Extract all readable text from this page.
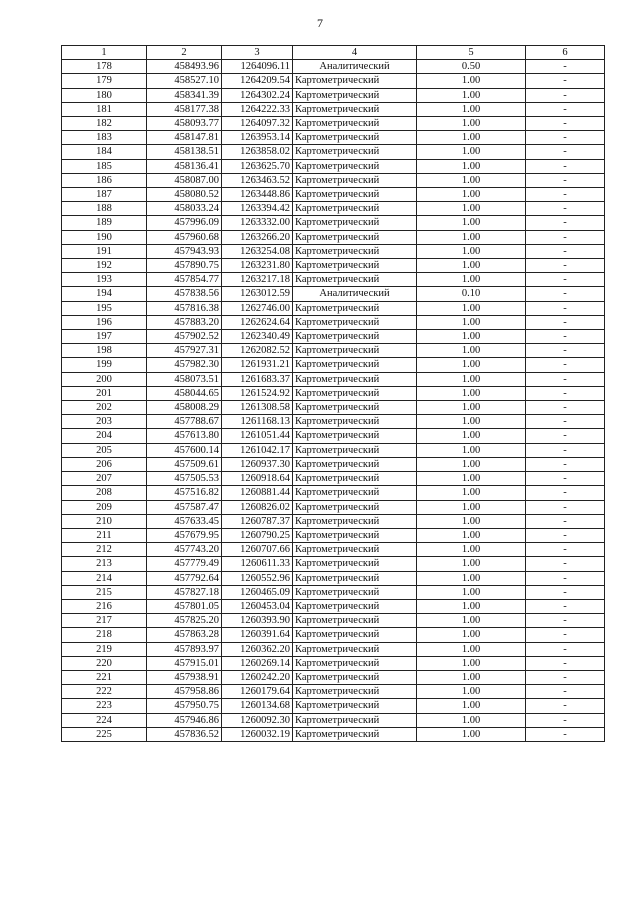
7
1	2	3	4	5	6
178	458493.96	1264096.11	Аналитический	0.50	-
179	458527.10	1264209.54	Картометрический	1.00	-
180	458341.39	1264302.24	Картометрический	1.00	-
181	458177.38	1264222.33	Картометрический	1.00	-
182	458093.77	1264097.32	Картометрический	1.00	-
183	458147.81	1263953.14	Картометрический	1.00	-
184	458138.51	1263858.02	Картометрический	1.00	-
185	458136.41	1263625.70	Картометрический	1.00	-
186	458087.00	1263463.52	Картометрический	1.00	-
187	458080.52	1263448.86	Картометрический	1.00	-
188	458033.24	1263394.42	Картометрический	1.00	-
189	457996.09	1263332.00	Картометрический	1.00	-
190	457960.68	1263266.20	Картометрический	1.00	-
191	457943.93	1263254.08	Картометрический	1.00	-
192	457890.75	1263231.80	Картометрический	1.00	-
193	457854.77	1263217.18	Картометрический	1.00	-
194	457838.56	1263012.59	Аналитический	0.10	-
195	457816.38	1262746.00	Картометрический	1.00	-
196	457883.20	1262624.64	Картометрический	1.00	-
197	457902.52	1262340.49	Картометрический	1.00	-
198	457927.31	1262082.52	Картометрический	1.00	-
199	457982.30	1261931.21	Картометрический	1.00	-
200	458073.51	1261683.37	Картометрический	1.00	-
201	458044.65	1261524.92	Картометрический	1.00	-
202	458008.29	1261308.58	Картометрический	1.00	-
203	457788.67	1261168.13	Картометрический	1.00	-
204	457613.80	1261051.44	Картометрический	1.00	-
205	457600.14	1261042.17	Картометрический	1.00	-
206	457509.61	1260937.30	Картометрический	1.00	-
207	457505.53	1260918.64	Картометрический	1.00	-
208	457516.82	1260881.44	Картометрический	1.00	-
209	457587.47	1260826.02	Картометрический	1.00	-
210	457633.45	1260787.37	Картометрический	1.00	-
211	457679.95	1260790.25	Картометрический	1.00	-
212	457743.20	1260707.66	Картометрический	1.00	-
213	457779.49	1260611.33	Картометрический	1.00	-
214	457792.64	1260552.96	Картометрический	1.00	-
215	457827.18	1260465.09	Картометрический	1.00	-
216	457801.05	1260453.04	Картометрический	1.00	-
217	457825.20	1260393.90	Картометрический	1.00	-
218	457863.28	1260391.64	Картометрический	1.00	-
219	457893.97	1260362.20	Картометрический	1.00	-
220	457915.01	1260269.14	Картометрический	1.00	-
221	457938.91	1260242.20	Картометрический	1.00	-
222	457958.86	1260179.64	Картометрический	1.00	-
223	457950.75	1260134.68	Картометрический	1.00	-
224	457946.86	1260092.30	Картометрический	1.00	-
225	457836.52	1260032.19	Картометрический	1.00	-
